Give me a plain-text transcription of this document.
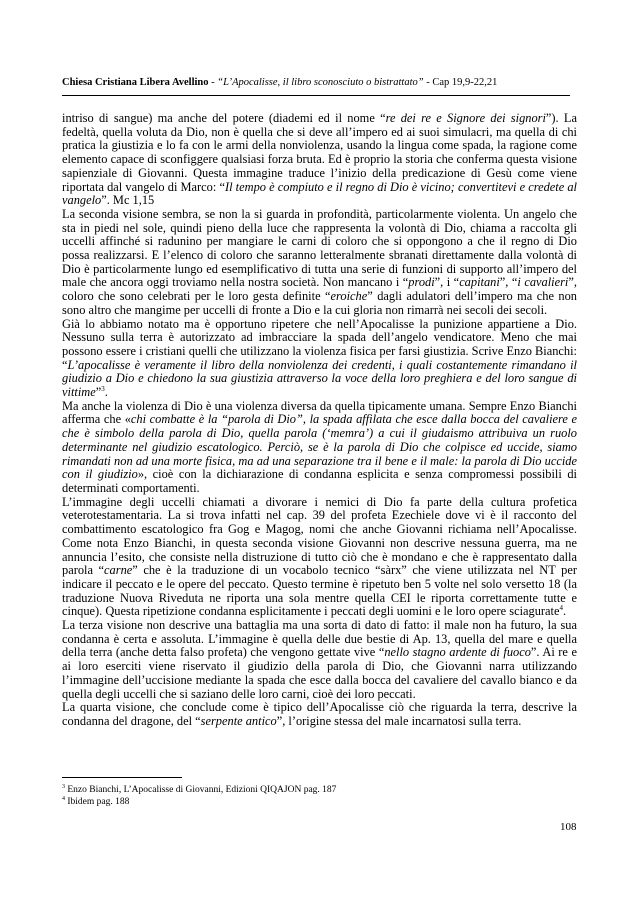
Chiesa Cristiana Libera Avellino - “L’Apocalisse, il libro sconosciuto o bistrattato” - Cap 19,9-22,21

intriso di sangue) ma anche del potere (diademi ed il nome “re dei re e Signore dei signori”). La fedeltà, quella voluta da Dio, non è quella che si deve all’impero ed ai suoi simulacri, ma quella di chi pratica la giustizia e lo fa con le armi della nonviolenza, usando la lingua come spada, la ragione come elemento capace di sconfiggere qualsiasi forza bruta. Ed è proprio la storia che conferma questa visione sapienziale di Giovanni. Questa immagine traduce l’inizio della predicazione di Gesù come viene riportata dal vangelo di Marco: “Il tempo è compiuto e il regno di Dio è vicino; convertitevi e credete al vangelo”. Mc 1,15

La seconda visione sembra, se non la si guarda in profondità, particolarmente violenta. Un angelo che sta in piedi nel sole, quindi pieno della luce che rappresenta la volontà di Dio, chiama a raccolta gli uccelli affinché si radunino per mangiare le carni di coloro che si oppongono a che il regno di Dio possa realizzarsi. E l’elenco di coloro che saranno letteralmente sbranati direttamente dalla volontà di Dio è particolarmente lungo ed esemplificativo di tutta una serie di funzioni di supporto all’impero del male che ancora oggi troviamo nella nostra società. Non mancano i “prodi”, i “capitani”, “i cavalieri”, coloro che sono celebrati per le loro gesta definite “eroiche” dagli adulatori dell’impero ma che non sono altro che mangime per uccelli di fronte a Dio e la cui gloria non rimarrà nei secoli dei secoli.

Già lo abbiamo notato ma è opportuno ripetere che nell’Apocalisse la punizione appartiene a Dio. Nessuno sulla terra è autorizzato ad imbracciare la spada dell’angelo vendicatore. Meno che mai possono essere i cristiani quelli che utilizzano la violenza fisica per farsi giustizia. Scrive Enzo Bianchi: “L’apocalisse è veramente il libro della nonviolenza dei credenti, i quali costantemente rimandano il giudizio a Dio e chiedono la sua giustizia attraverso la voce della loro preghiera e del loro sangue di vittime”$^3$.

Ma anche la violenza di Dio è una violenza diversa da quella tipicamente umana. Sempre Enzo Bianchi afferma che «chi combatte è la “parola di Dio”, la spada affilata che esce dalla bocca del cavaliere e che è simbolo della parola di Dio, quella parola (‘memra’) a cui il giudaismo attribuiva un ruolo determinante nel giudizio escatologico. Perciò, se è la parola di Dio che colpisce ed uccide, siamo rimandati non ad una morte fisica, ma ad una separazione tra il bene e il male: la parola di Dio uccide con il giudizio», cioè con la dichiarazione di condanna esplicita e senza compromessi possibili di determinati comportamenti.

L’immagine degli uccelli chiamati a divorare i nemici di Dio fa parte della cultura profetica veterotestamentaria. La si trova infatti nel cap. 39 del profeta Ezechiele dove vi è il racconto del combattimento escatologico fra Gog e Magog, nomi che anche Giovanni richiama nell’Apocalisse. Come nota Enzo Bianchi, in questa seconda visione Giovanni non descrive nessuna guerra, ma ne annuncia l’esito, che consiste nella distruzione di tutto ciò che è mondano e che è rappresentato dalla parola “carne” che è la traduzione di un vocabolo tecnico “sàrx” che viene utilizzata nel NT per indicare il peccato e le opere del peccato. Questo termine è ripetuto ben 5 volte nel solo versetto 18 (la traduzione Nuova Riveduta ne riporta una sola mentre quella CEI le riporta correttamente tutte e cinque). Questa ripetizione condanna esplicitamente i peccati degli uomini e le loro opere sciagurate$^4$.

La terza visione non descrive una battaglia ma una sorta di dato di fatto: il male non ha futuro, la sua condanna è certa e assoluta. L’immagine è quella delle due bestie di Ap. 13, quella del mare e quella della terra (anche detta falso profeta) che vengono gettate vive “nello stagno ardente di fuoco”. Ai re e ai loro eserciti viene riservato il giudizio della parola di Dio, che Giovanni narra utilizzando l’immagine dell’uccisione mediante la spada che esce dalla bocca del cavaliere del cavallo bianco e da quella degli uccelli che si saziano delle loro carni, cioè dei loro peccati.

La quarta visione, che conclude come è tipico dell’Apocalisse ciò che riguarda la terra, descrive la condanna del dragone, del “serpente antico”, l’origine stessa del male incarnatosi sulla terra.

$^3$ Enzo Bianchi, L’Apocalisse di Giovanni, Edizioni QIQAJON pag. 187
$^4$ Ibidem pag. 188
108
